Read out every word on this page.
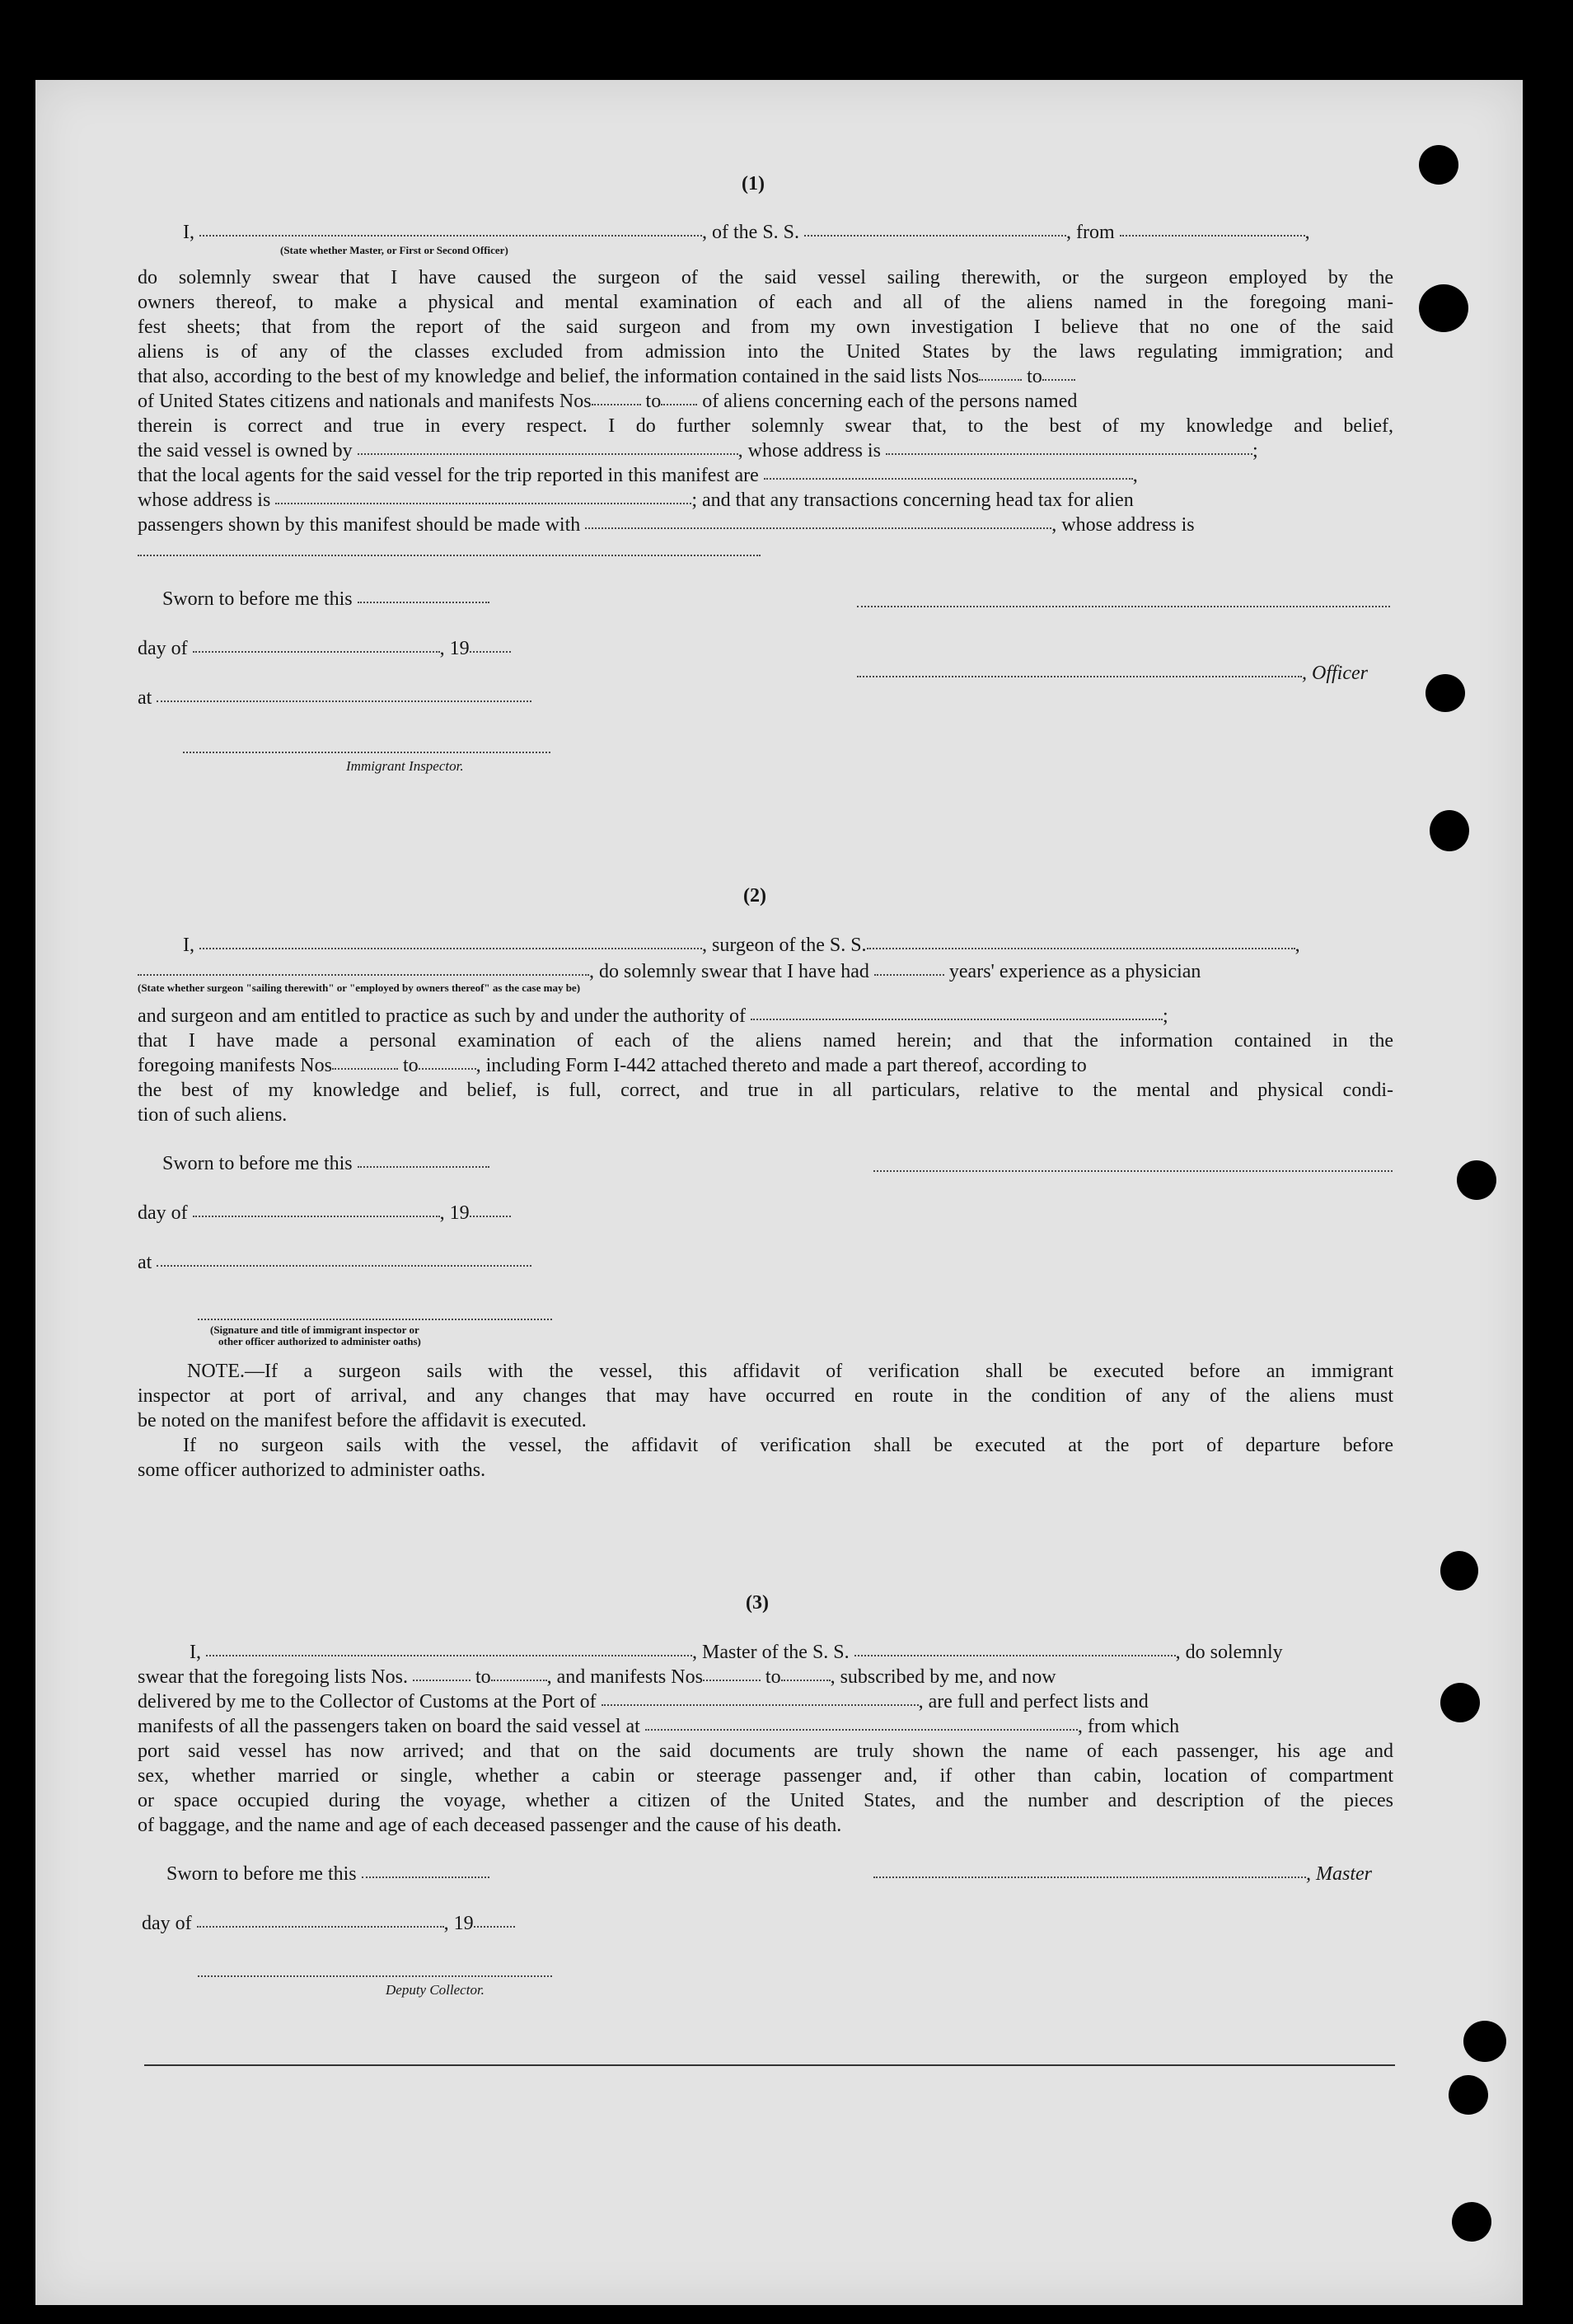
(1)
I,	, of the S. S.	, from	,
(State whether Master, or First or Second Officer)
do solemnly swear that I have caused the surgeon of the said vessel sailing therewith, or the surgeon employed by the
owners thereof, to make a physical and mental examination of each and all of the aliens named in the foregoing mani-
fest sheets; that from the report of the said surgeon and from my own investigation I believe that no one of the said
aliens is of any of the classes excluded from admission into the United States by the laws regulating immigration; and
that also, according to the best of my knowledge and belief, the information contained in the said lists Nos to
of United States citizens and nationals and manifests Nos	to of aliens concerning each of the persons named
therein is correct and true in every respect. I do further solemnly swear that, to the best of my knowledge and belief,
the said vessel is owned by	, whose address is	;
that the local agents for the said vessel for the trip reported in this manifest are	,
whose address is	; and that any transactions concerning head tax for alien
passengers shown by this manifest should be made with	, whose address is
Sworn to before me this
day of	, 19
, Officer
at
Immigrant Inspector.
(2)
I,	, surgeon of the S. S.	,
, do solemnly swear that I have had	years' experience as a physician
(State whether surgeon "sailing therewith" or "employed by owners thereof" as the case may be)
and surgeon and am entitled to practice as such by and under the authority of	;
that I have made a personal examination of each of the aliens named herein; and that the information contained in the
foregoing manifests Nos	to	, including Form I-442 attached thereto and made a part thereof, according to
the best of my knowledge and belief, is full, correct, and true in all particulars, relative to the mental and physical condi-
tion of such aliens.
Sworn to before me this
day of	, 19
at
(Signature and title of immigrant inspector or
other officer authorized to administer oaths)
NOTE.—If a surgeon sails with the vessel, this affidavit of verification shall be executed before an immigrant
inspector at port of arrival, and any changes that may have occurred en route in the condition of any of the aliens must
be noted on the manifest before the affidavit is executed.
If no surgeon sails with the vessel, the affidavit of verification shall be executed at the port of departure before
some officer authorized to administer oaths.
(3)
I,	, Master of the S. S.	, do solemnly
swear that the foregoing lists Nos.	to	, and manifests Nos	to	, subscribed by me, and now
delivered by me to the Collector of Customs at the Port of	, are full and perfect lists and
manifests of all the passengers taken on board the said vessel at	, from which
port said vessel has now arrived; and that on the said documents are truly shown the name of each passenger, his age and
sex, whether married or single, whether a cabin or steerage passenger and, if other than cabin, location of compartment
or space occupied during the voyage, whether a citizen of the United States, and the number and description of the pieces
of baggage, and the name and age of each deceased passenger and the cause of his death.
Sworn to before me this	, Master
day of	, 19
Deputy Collector.
